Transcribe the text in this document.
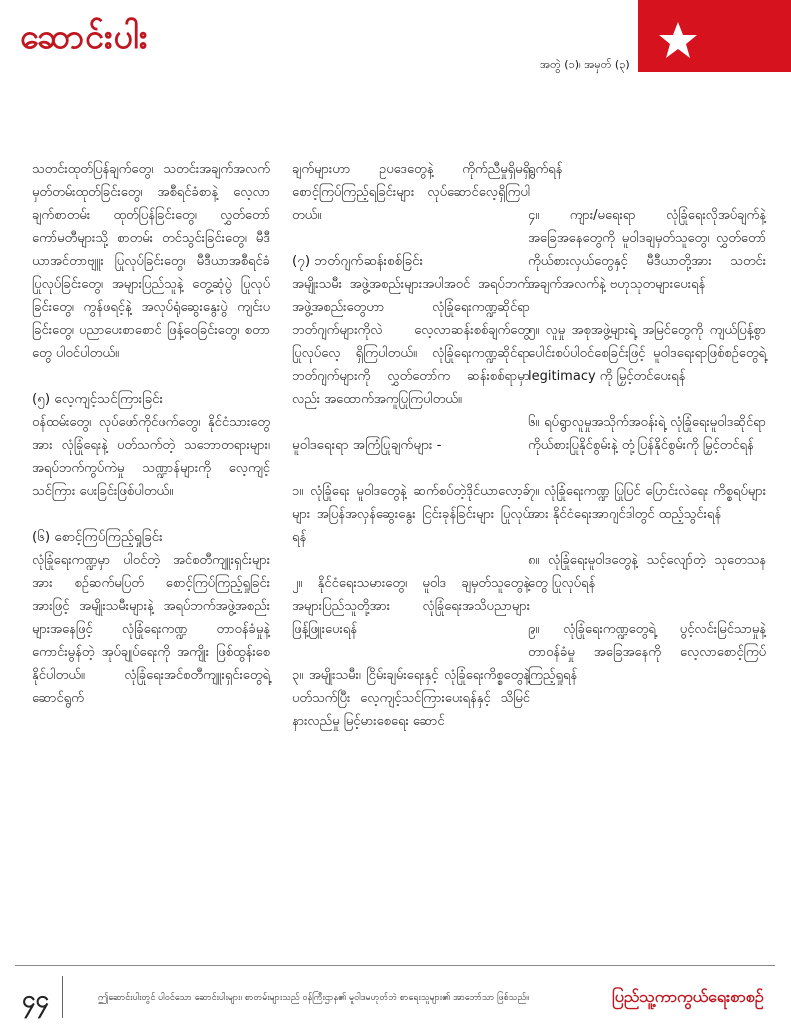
ဆောင်းပါး
အတွဲ (၁)၊ အမှတ် (၃)

သတင်းထုတ်ပြန်ချက်တွေ၊ သတင်းအချက်အလက် မှတ်တမ်းထုတ်ခြင်းတွေ၊ အစီရင်ခံစာနဲ့ လေ့လာချက်စာတမ်း ထုတ်ပြန်ခြင်းတွေ၊ လွှတ်တော်ကော်မတီများသို့ စာတမ်း တင်သွင်းခြင်းတွေ၊ မီဒီယာအင်တာဗျူး ပြုလုပ်ခြင်းတွေ၊ မီဒီယာအစီရင်ခံ ပြုလုပ်ခြင်းတွေ၊ အများပြည်သူနဲ့ တွေ့ဆုံပွဲ ပြုလုပ်ခြင်းတွေ၊ ကွန်ဖရင့်နဲ့ အလုပ်ရုံဆွေးနွေးပွဲ ကျင်းပခြင်းတွေ၊ ပညာပေးစာစောင် ဖြန့်ဝေခြင်းတွေ၊ စတာတွေ ပါဝင်ပါတယ်။

(၅) လေ့ကျင့်သင်ကြားခြင်း

ဝန်ထမ်းတွေ၊ လုပ်ဖော်ကိုင်ဖက်တွေ၊ နိုင်ငံသားတွေအား လုံခြုံရေးနဲ့ ပတ်သက်တဲ့ သဘောတရားများ၊ အရပ်ဘက်ကွပ်ကဲမှု သဏ္ဍာန်များကို လေ့ကျင့်သင်ကြား ပေးခြင်းဖြစ်ပါတယ်။

(၆) စောင့်ကြပ်ကြည့်ရှုခြင်း

လုံခြုံရေးကဏ္ဍမှာ ပါဝင်တဲ့ အင်စတီကျူးရှင်းများအား စဉ်ဆက်မပြတ် စောင့်ကြပ်ကြည့်ရှုခြင်း အားဖြင့် အမျိုးသမီးများနဲ့ အရပ်ဘက်အဖွဲ့အစည်းများအနေဖြင့် လုံခြုံရေးကဏ္ဍ တာဝန်ခံမှုနဲ့ ကောင်းမွန်တဲ့ အုပ်ချုပ်ရေးကို အကျိုး ဖြစ်ထွန်းစေနိုင်ပါတယ်။ လုံခြုံရေးအင်စတီကျူးရှင်းတွေရဲ့ ဆောင်ရွက်

ချက်များဟာ ဥပဒေတွေနဲ့ ကိုက်ညီမှုရှိမရှိ စောင့်ကြပ်ကြည့်ရခြင်းများ လုပ်ဆောင်လေ့ရှိကြပါတယ်။

(၇) ဘတ်ဂျက်ဆန်းစစ်ခြင်း

အမျိုးသမီး အဖွဲ့အစည်းများအပါအဝင် အရပ်ဘက် အဖွဲ့အစည်းတွေဟာ လုံခြုံရေးကဏ္ဍဆိုင်ရာ ဘတ်ဂျက်များကိုလဲ လေ့လာဆန်းစစ်ချက်တွေ ပြုလုပ်လေ့ ရှိကြပါတယ်။ လုံခြုံရေးကဏ္ဍဆိုင်ရာ ဘတ်ဂျက်များကို လွှတ်တော်က ဆန်းစစ်ရာမှာလည်း အထောက်အကူပြုကြပါတယ်။

မူဝါဒရေးရာ အကြံပြုချက်များ -

၁။ လုံခြုံရေး မူဝါဒတွေနဲ့ ဆက်စပ်တဲ့ဒိုင်ယာလော့ခ်များ အပြန်အလှန်ဆွေးနွေး ငြင်းခုန်ခြင်းများ ပြုလုပ်ရန်

၂။ နိုင်ငံရေးသမားတွေ၊ မူဝါဒ ချမှတ်သူတွေနဲ့ အများပြည်သူတို့အား လုံခြုံရေးအသိပညာများ ဖြန့်ဖြူးပေးရန်

၃။ အမျိုးသမီး၊ ငြိမ်းချမ်းရေးနှင့် လုံခြုံရေးကိစ္စတွေနဲ့ ပတ်သက်ပြီး လေ့ကျင့်သင်ကြားပေးရန်နှင့် သိမြင်နားလည်မှု မြင့်မားစေရေး ဆောင်

ရွက်ရန်

၄။ ကျား/မရေးရာ လုံခြုံရေးလိုအပ်ချက်နဲ့ အခြေအနေတွေကို မူဝါဒချမှတ်သူတွေ၊ လွှတ်တော် ကိုယ်စားလှယ်တွေနှင့် မီဒီယာတို့အား သတင်းအချက်အလက်နဲ့ ဗဟုသုတများပေးရန်

၅။ လူမှု အစုအဖွဲ့များရဲ့ အမြင်တွေကို ကျယ်ပြန့်စွာ ပေါင်းစပ်ပါဝင်စေခြင်းဖြင့် မူဝါဒရေးရာဖြစ်စဉ်တွေရဲ့ legitimacy ကို မြှင့်တင်ပေးရန်

၆။ ရပ်ရွာလူမှုအသိုက်အဝန်းရဲ့ လုံခြုံရေးမူဝါဒဆိုင်ရာ ကိုယ်စားပြုနိုင်စွမ်းနဲ့ တုံ့ပြန်နိုင်စွမ်းကို မြှင့်တင်ရန်

၇။ လုံခြုံရေးကဏ္ဍ ပြုပြင် ပြောင်းလဲရေး ကိစ္စရပ်များအား နိုင်ငံရေးအာဂျင်ဒါတွင် ထည့်သွင်းရန်

၈။ လုံခြုံရေးမူဝါဒတွေနဲ့ သင့်လျော်တဲ့ သုတေသနတွေ ပြုလုပ်ရန်

၉။ လုံခြုံရေးကဏ္ဍတွေရဲ့ ပွင့်လင်းမြင်သာမှုနဲ့ တာဝန်ခံမှု အခြေအနေကို လေ့လာစောင့်ကြပ်ကြည့်ရှုရန်

၄၄	ဤဆောင်းပါးတွင် ပါဝင်သော ဆောင်းပါးများ၊ စာတမ်းများသည် ဝန်ကြီးဌာန၏ မူဝါဒမဟုတ်ဘဲ စာရေးသူများ၏ အာဘော်သာ ဖြစ်သည်။	ပြည်သူ့ကာကွယ်ရေးစာစဉ်
